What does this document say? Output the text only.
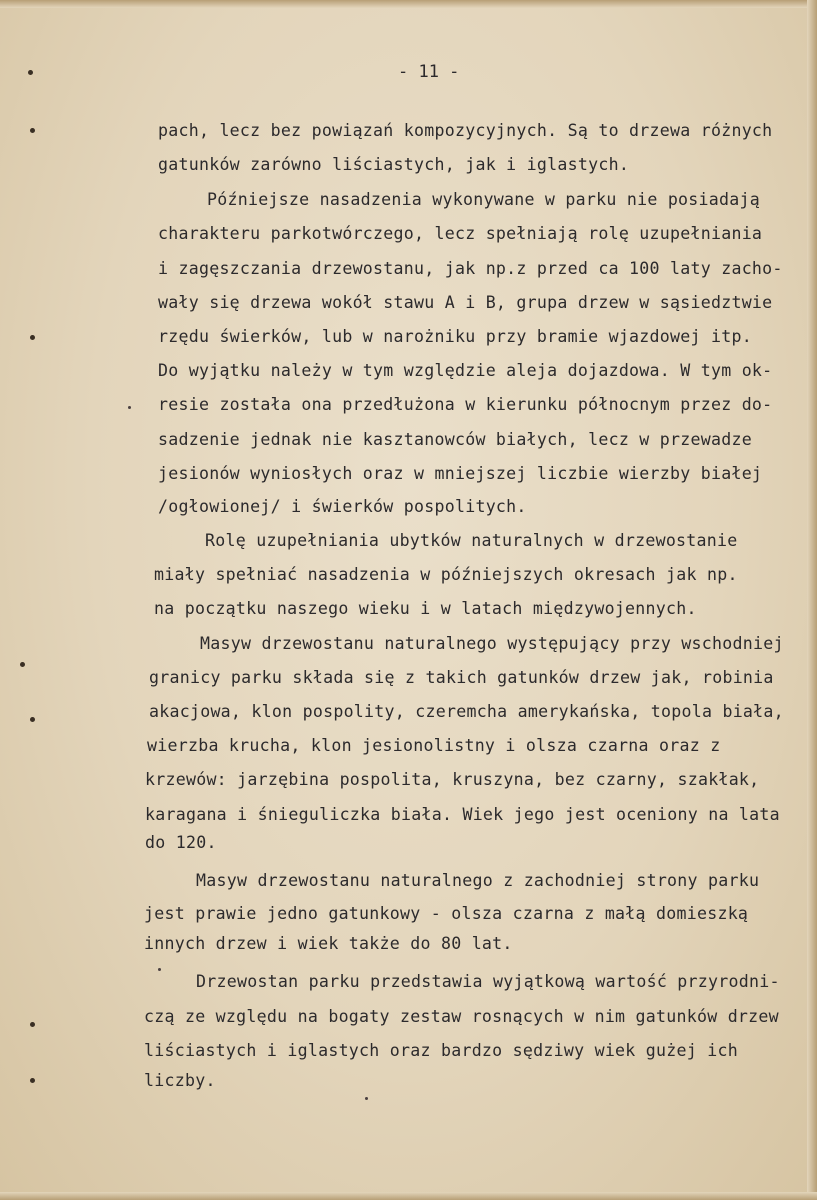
- 11 -
pach, lecz bez powiązań kompozycyjnych. Są to drzewa różnych
gatunków zarówno liściastych, jak i iglastych.
Późniejsze nasadzenia wykonywane w parku nie posiadają
charakteru parkotwórczego, lecz spełniają rolę uzupełniania
i zagęszczania drzewostanu, jak np.z przed ca 100 laty zacho-
wały się drzewa wokół stawu A i B, grupa drzew w sąsiedztwie
rzędu świerków, lub w narożniku przy bramie wjazdowej itp.
Do wyjątku należy w tym względzie aleja dojazdowa. W tym ok-
resie została ona przedłużona w kierunku północnym przez do-
sadzenie jednak nie kasztanowców białych, lecz w przewadze
jesionów wyniosłych oraz w mniejszej liczbie wierzby białej
/ogłowionej/ i świerków pospolitych.
Rolę uzupełniania ubytków naturalnych w drzewostanie
miały spełniać nasadzenia w późniejszych okresach jak np.
na początku naszego wieku i w latach międzywojennych.
Masyw drzewostanu naturalnego występujący przy wschodniej
granicy parku składa się z takich gatunków drzew jak, robinia
akacjowa, klon pospolity, czeremcha amerykańska, topola biała,
wierzba krucha, klon jesionolistny i olsza czarna oraz z
krzewów: jarzębina pospolita, kruszyna, bez czarny, szakłak,
karagana i śnieguliczka biała. Wiek jego jest oceniony na lata
do 120.
Masyw drzewostanu naturalnego z zachodniej strony parku
jest prawie jedno gatunkowy - olsza czarna z małą domieszką
innych drzew i wiek także do 80 lat.
Drzewostan parku przedstawia wyjątkową wartość przyrodni-
czą ze względu na bogaty zestaw rosnących w nim gatunków drzew
liściastych i iglastych oraz bardzo sędziwy wiek gużej ich
liczby.
